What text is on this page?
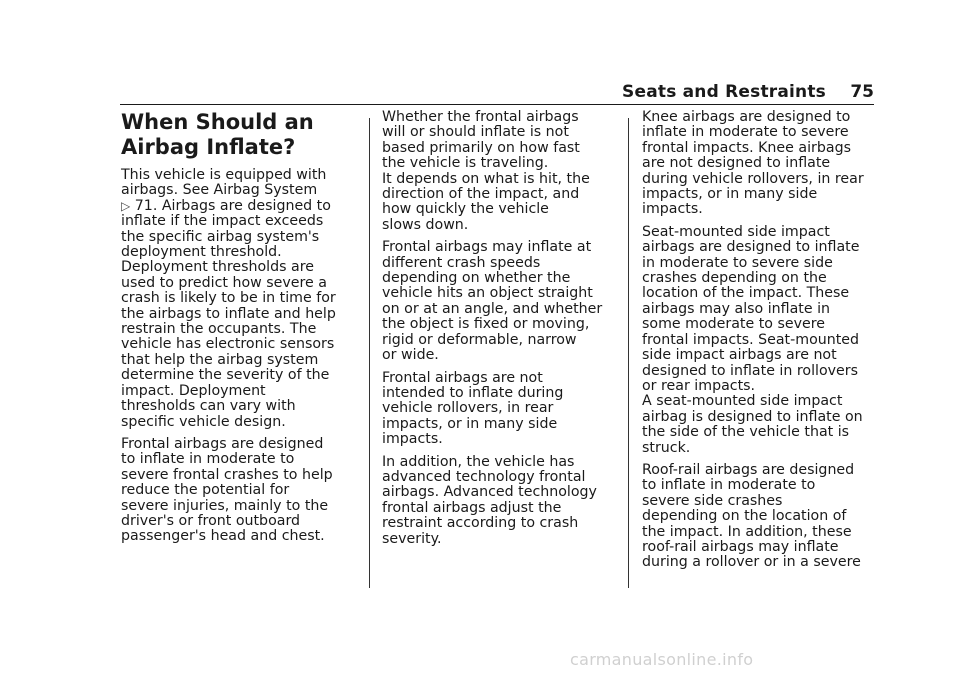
Seats and Restraints 75
When Should an
Airbag Inflate?

This vehicle is equipped with
airbags. See Airbag System
▷ 71. Airbags are designed to
inflate if the impact exceeds
the specific airbag system's
deployment threshold.
Deployment thresholds are
used to predict how severe a
crash is likely to be in time for
the airbags to inflate and help
restrain the occupants. The
vehicle has electronic sensors
that help the airbag system
determine the severity of the
impact. Deployment
thresholds can vary with
specific vehicle design.

Frontal airbags are designed
to inflate in moderate to
severe frontal crashes to help
reduce the potential for
severe injuries, mainly to the
driver's or front outboard
passenger's head and chest.

Whether the frontal airbags
will or should inflate is not
based primarily on how fast
the vehicle is traveling.
It depends on what is hit, the
direction of the impact, and
how quickly the vehicle
slows down.

Frontal airbags may inflate at
different crash speeds
depending on whether the
vehicle hits an object straight
on or at an angle, and whether
the object is fixed or moving,
rigid or deformable, narrow
or wide.

Frontal airbags are not
intended to inflate during
vehicle rollovers, in rear
impacts, or in many side
impacts.

In addition, the vehicle has
advanced technology frontal
airbags. Advanced technology
frontal airbags adjust the
restraint according to crash
severity.

Knee airbags are designed to
inflate in moderate to severe
frontal impacts. Knee airbags
are not designed to inflate
during vehicle rollovers, in rear
impacts, or in many side
impacts.

Seat-mounted side impact
airbags are designed to inflate
in moderate to severe side
crashes depending on the
location of the impact. These
airbags may also inflate in
some moderate to severe
frontal impacts. Seat-mounted
side impact airbags are not
designed to inflate in rollovers
or rear impacts.
A seat-mounted side impact
airbag is designed to inflate on
the side of the vehicle that is
struck.

Roof-rail airbags are designed
to inflate in moderate to
severe side crashes
depending on the location of
the impact. In addition, these
roof-rail airbags may inflate
during a rollover or in a severe

carmanualsonline.info
